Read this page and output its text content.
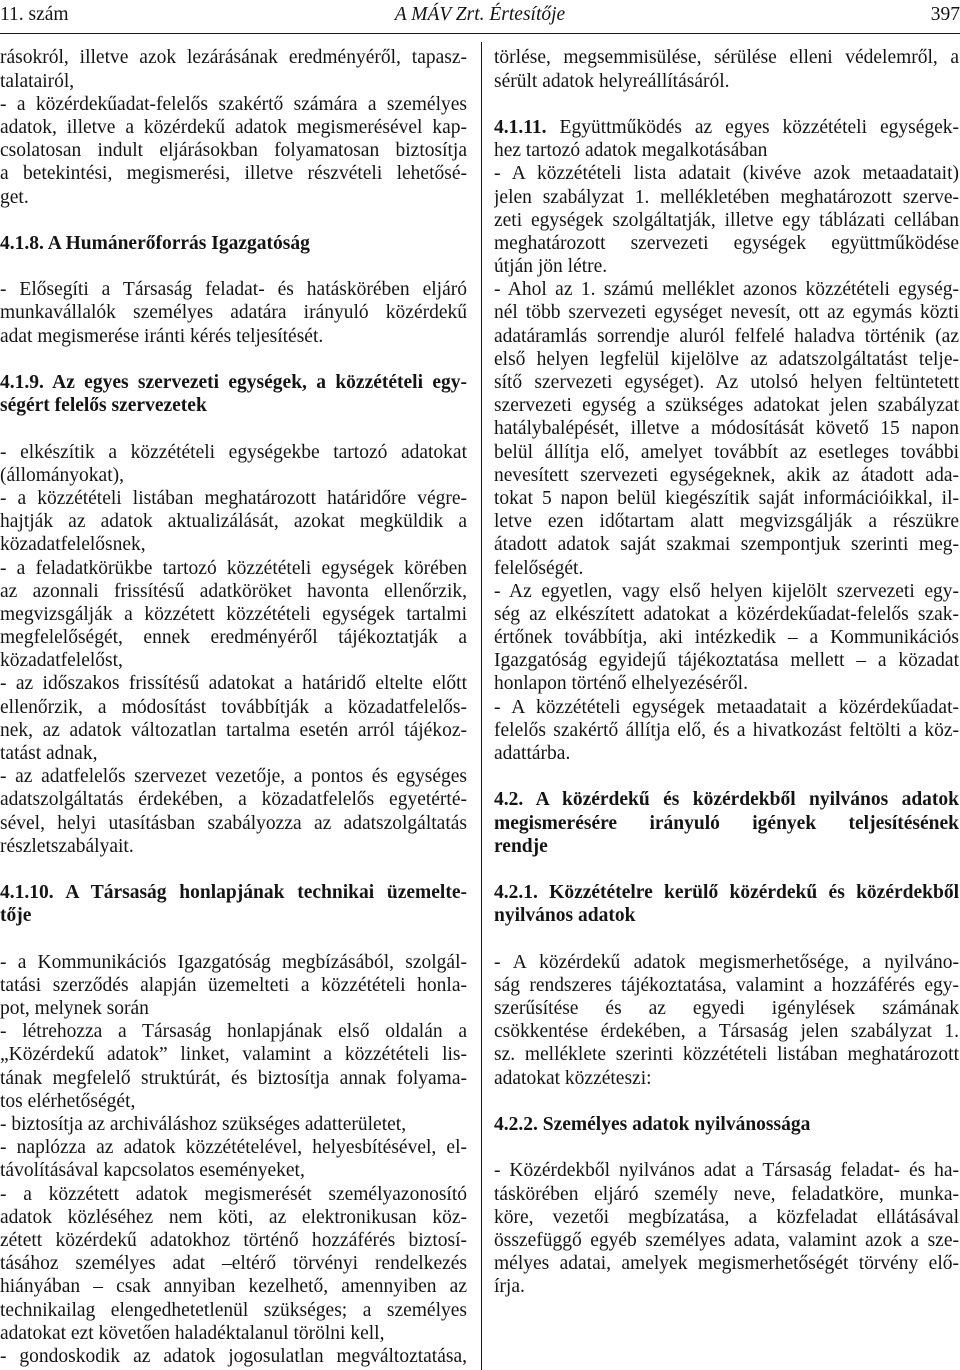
11. szám	A MÁV Zrt. Értesítője	397
rásokról, illetve azok lezárásának eredményéről, tapasz-
talatairól,
- a közérdekűadat-felelős szakértő számára a személyes
adatok, illetve a közérdekű adatok megismerésével kap-
csolatosan indult eljárásokban folyamatosan biztosítja
a betekintési, megismerési, illetve részvételi lehetősé-
get.
4.1.8. A Humánerőforrás Igazgatóság
- Elősegíti a Társaság feladat- és hatáskörében eljáró
munkavállalók személyes adatára irányuló közérdekű
adat megismerése iránti kérés teljesítését.
4.1.9. Az egyes szervezeti egységek, a közzétételi egy-
ségért felelős szervezetek
- elkészítik a közzétételi egységekbe tartozó adatokat
(állományokat),
- a közzétételi listában meghatározott határidőre végre-
hajtják az adatok aktualizálását, azokat megküldik a
közadatfelelősnek,
- a feladatkörükbe tartozó közzétételi egységek körében
az azonnali frissítésű adatköröket havonta ellenőrzik,
megvizsgálják a közzétett közzétételi egységek tartalmi
megfelelőségét, ennek eredményéről tájékoztatják a
közadatfelelőst,
- az időszakos frissítésű adatokat a határidő eltelte előtt
ellenőrzik, a módosítást továbbítják a közadatfelelős-
nek, az adatok változatlan tartalma esetén arról tájékoz-
tatást adnak,
- az adatfelelős szervezet vezetője, a pontos és egységes
adatszolgáltatás érdekében, a közadatfelelős egyetérté-
sével, helyi utasításban szabályozza az adatszolgáltatás
részletszabályait.
4.1.10. A Társaság honlapjának technikai üzemelte-
tője
- a Kommunikációs Igazgatóság megbízásából, szolgál-
tatási szerződés alapján üzemelteti a közzétételi honla-
pot, melynek során
- létrehozza a Társaság honlapjának első oldalán a
„Közérdekű adatok” linket, valamint a közzétételi lis-
tának megfelelő struktúrát, és biztosítja annak folyama-
tos elérhetőségét,
- biztosítja az archiváláshoz szükséges adatterületet,
- naplózza az adatok közzétételével, helyesbítésével, el-
távolításával kapcsolatos eseményeket,
- a közzétett adatok megismerését személyazonosító
adatok közléséhez nem köti, az elektronikusan köz-
zétett közérdekű adatokhoz történő hozzáférés biztosí-
tásához személyes adat –eltérő törvényi rendelkezés
hiányában – csak annyiban kezelhető, amennyiben az
technikailag elengedhetetlenül szükséges; a személyes
adatokat ezt követően haladéktalanul törölni kell,
- gondoskodik az adatok jogosulatlan megváltoztatása,
törlése, megsemmisülése, sérülése elleni védelemről, a
sérült adatok helyreállításáról.
4.1.11. Együttműködés az egyes közzétételi egységek-
hez tartozó adatok megalkotásában
- A közzétételi lista adatait (kivéve azok metaadatait)
jelen szabályzat 1. mellékletében meghatározott szerve-
zeti egységek szolgáltatják, illetve egy táblázati cellában
meghatározott szervezeti egységek együttműködése
útján jön létre.
- Ahol az 1. számú melléklet azonos közzétételi egység-
nél több szervezeti egységet nevesít, ott az egymás közti
adatáramlás sorrendje aluról felfelé haladva történik (az
első helyen legfelül kijelölve az adatszolgáltatást telje-
sítő szervezeti egységet). Az utolsó helyen feltüntetett
szervezeti egység a szükséges adatokat jelen szabályzat
hatálybalépését, illetve a módosítását követő 15 napon
belül állítja elő, amelyet továbbít az esetleges további
nevesített szervezeti egységeknek, akik az átadott ada-
tokat 5 napon belül kiegészítik saját információikkal, il-
letve ezen időtartam alatt megvizsgálják a részükre
átadott adatok saját szakmai szempontjuk szerinti meg-
felelőségét.
- Az egyetlen, vagy első helyen kijelölt szervezeti egy-
ség az elkészített adatokat a közérdekűadat-felelős szak-
értőnek továbbítja, aki intézkedik – a Kommunikációs
Igazgatóság egyidejű tájékoztatása mellett – a közadat
honlapon történő elhelyezéséről.
- A közzétételi egységek metaadatait a közérdekűadat-
felelős szakértő állítja elő, és a hivatkozást feltölti a köz-
adattárba.
4.2. A közérdekű és közérdekből nyilvános adatok
megismerésére irányuló igények teljesítésének
rendje
4.2.1. Közzétételre kerülő közérdekű és közérdekből
nyilvános adatok
- A közérdekű adatok megismerhetősége, a nyilváno-
ság rendszeres tájékoztatása, valamint a hozzáférés egy-
szerűsítése és az egyedi igénylések számának
csökkentése érdekében, a Társaság jelen szabályzat 1.
sz. melléklete szerinti közzétételi listában meghatározott
adatokat közzéteszi:
4.2.2. Személyes adatok nyilvánossága
- Közérdekből nyilvános adat a Társaság feladat- és ha-
táskörében eljáró személy neve, feladatköre, munka-
köre, vezetői megbízatása, a közfeladat ellátásával
összefüggő egyéb személyes adata, valamint azok a sze-
mélyes adatai, amelyek megismerhetőségét törvény elő-
írja.
